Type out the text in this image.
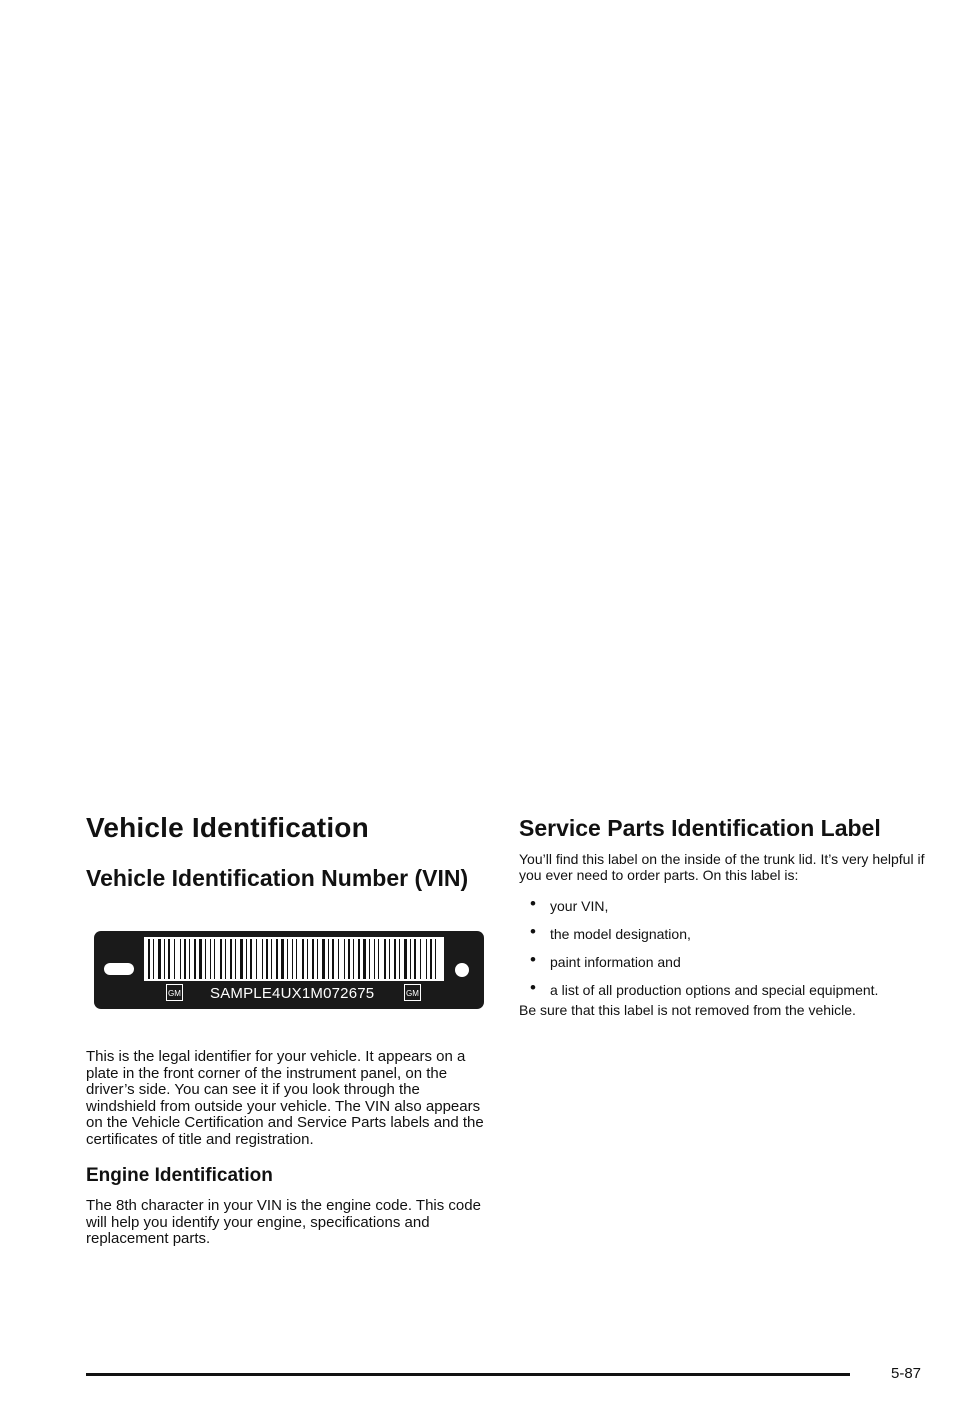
Vehicle Identification
Vehicle Identification Number (VIN)
GM SAMPLE4UX1M072675	GM

This is the legal identifier for your vehicle. It appears on a plate in the front corner of the instrument panel, on the driver’s side. You can see it if you look through the windshield from outside your vehicle. The VIN also appears on the Vehicle Certification and Service Parts labels and the certificates of title and registration.

Engine Identification

The 8th character in your VIN is the engine code. This code will help you identify your engine, specifications and replacement parts.

Service Parts Identification Label

You’ll find this label on the inside of the trunk lid. It’s very helpful if you ever need to order parts. On this label is:

• your VIN,
• the model designation,
• paint information and
• a list of all production options and special equipment.

Be sure that this label is not removed from the vehicle.

5-87
